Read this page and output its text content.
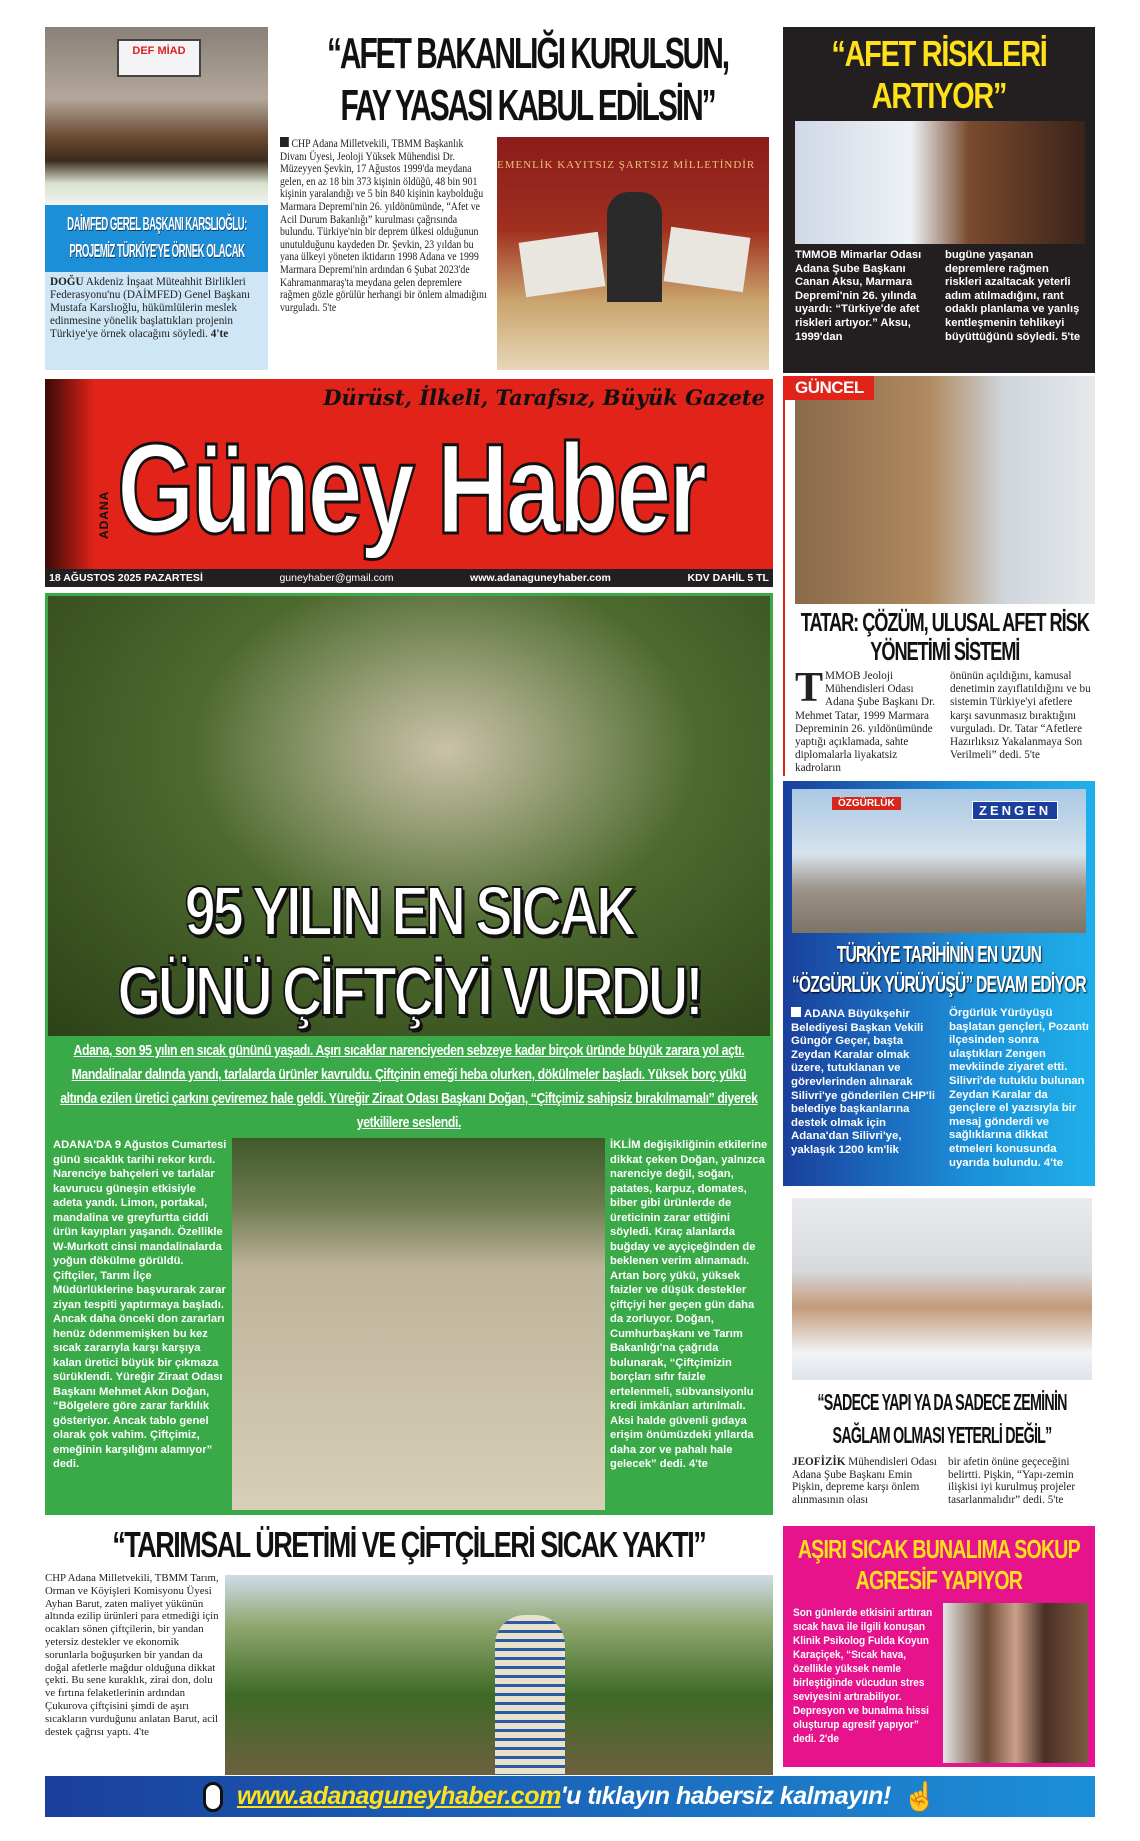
DEF MİAD
DAİMFED GEREL BAŞKANI KARSLIOĞLU: PROJEMİZ TÜRKİYE'YE ÖRNEK OLACAK
DOĞU Akdeniz İnşaat Müteahhit Birlikleri Federasyonu'nu (DAİMFED) Genel Başkanı Mustafa Karslıoğlu, hükümlülerin meslek edinmesine yönelik başlattıkları projenin Türkiye'ye örnek olacağını söyledi. 4'te
“AFET BAKANLIĞI KURULSUN,
FAY YASASI KABUL EDİLSİN”
CHP Adana Milletvekili, TBMM Başkanlık Divanı Üyesi, Jeoloji Yüksek Mühendisi Dr. Müzeyyen Şevkin, 17 Ağustos 1999'da meydana gelen, en az 18 bin 373 kişinin öldüğü, 48 bin 901 kişinin yaralandığı ve 5 bin 840 kişinin kaybolduğu Marmara Depremi'nin 26. yıldönümünde, “Afet ve Acil Durum Bakanlığı” kurulması çağrısında bulundu. Türkiye'nin bir deprem ülkesi olduğunun unutulduğunu kaydeden Dr. Şevkin, 23 yıldan bu yana ülkeyi yöneten iktidarın 1998 Adana ve 1999 Marmara Depremi'nin ardından 6 Şubat 2023'de Kahramanmaraş'ta meydana gelen depremlere rağmen gözle görülür herhangi bir önlem almadığını vurguladı. 5'te
EMENLİK KAYITSIZ ŞARTSIZ MİLLETİNDİR
“AFET RİSKLERİ ARTIYOR”
TMMOB Mimarlar Odası Adana Şube Başkanı Canan Aksu, Marmara Depremi'nin 26. yılında uyardı: “Türkiye'de afet riskleri artıyor.” Aksu, 1999'dan
bugüne yaşanan depremlere rağmen riskleri azaltacak yeterli adım atılmadığını, rant odaklı planlama ve yanlış kentleşmenin tehlikeyi büyüttüğünü söyledi. 5'te
Dürüst, İlkeli, Tarafsız, Büyük Gazete
ADANA Güney Haber
18 AĞUSTOS 2025 PAZARTESİ	guneyhaber@gmail.com	www.adanaguneyhaber.com	KDV DAHİL 5 TL
GÜNCEL
TATAR: ÇÖZÜM, ULUSAL AFET RİSK YÖNETİMİ SİSTEMİ
TMMOB Jeoloji Mühendisleri Odası Adana Şube Başkanı Dr. Mehmet Tatar, 1999 Marmara Depreminin 26. yıldönümünde yaptığı açıklamada, sahte diplomalarla liyakatsiz kadroların
önünün açıldığını, kamusal denetimin zayıflatıldığını ve bu sistemin Türkiye'yi afetlere karşı savunmasız bıraktığını vurguladı. Dr. Tatar “Afetlere Hazırlıksız Yakalanmaya Son Verilmeli” dedi. 5'te
ÖZGÜRLÜK	ZENGEN
TÜRKİYE TARİHİNİN EN UZUN “ÖZGÜRLÜK YÜRÜYÜŞÜ” DEVAM EDİYOR
ADANA Büyükşehir Belediyesi Başkan Vekili Güngör Geçer, başta Zeydan Karalar olmak üzere, tutuklanan ve görevlerinden alınarak Silivri'ye gönderilen CHP'li belediye başkanlarına destek olmak için Adana'dan Silivri'ye, yaklaşık 1200 km'lik
Örgürlük Yürüyüşü başlatan gençleri, Pozantı ilçesinden sonra ulaştıkları Zengen mevkiinde ziyaret etti. Silivri'de tutuklu bulunan Zeydan Karalar da gençlere el yazısıyla bir mesaj gönderdi ve sağlıklarına dikkat etmeleri konusunda uyarıda bulundu. 4'te
95 YILIN EN SICAK
GÜNÜ ÇİFTÇİYİ VURDU!
Adana, son 95 yılın en sıcak gününü yaşadı. Aşırı sıcaklar narenciyeden sebzeye kadar birçok üründe büyük zarara yol açtı. Mandalinalar dalında yandı, tarlalarda ürünler kavruldu. Çiftçinin emeği heba olurken, dökülmeler başladı. Yüksek borç yükü altında ezilen üretici çarkını çeviremez hale geldi. Yüreğir Ziraat Odası Başkanı Doğan, “Çiftçimiz sahipsiz bırakılmamalı” diyerek yetkililere seslendi.
ADANA'DA 9 Ağustos Cumartesi günü sıcaklık tarihi rekor kırdı. Narenciye bahçeleri ve tarlalar kavurucu güneşin etkisiyle adeta yandı. Limon, portakal, mandalina ve greyfurtta ciddi ürün kayıpları yaşandı. Özellikle W-Murkott cinsi mandalinalarda yoğun dökülme görüldü. Çiftçiler, Tarım İlçe Müdürlüklerine başvurarak zarar ziyan tespiti yaptırmaya başladı. Ancak daha önceki don zararları henüz ödenmemişken bu kez sıcak zararıyla karşı karşıya kalan üretici büyük bir çıkmaza sürüklendi. Yüreğir Ziraat Odası Başkanı Mehmet Akın Doğan, “Bölgelere göre zarar farklılık gösteriyor. Ancak tablo genel olarak çok vahim. Çiftçimiz, emeğinin karşılığını alamıyor” dedi.
İKLİM değişikliğinin etkilerine dikkat çeken Doğan, yalnızca narenciye değil, soğan, patates, karpuz, domates, biber gibi ürünlerde de üreticinin zarar ettiğini söyledi. Kıraç alanlarda buğday ve ayçiçeğinden de beklenen verim alınamadı. Artan borç yükü, yüksek faizler ve düşük destekler çiftçiyi her geçen gün daha da zorluyor. Doğan, Cumhurbaşkanı ve Tarım Bakanlığı'na çağrıda bulunarak, “Çiftçimizin borçları sıfır faizle ertelenmeli, sübvansiyonlu kredi imkânları artırılmalı. Aksi halde güvenli gıdaya erişim önümüzdeki yıllarda daha zor ve pahalı hale gelecek” dedi. 4'te
“SADECE YAPI YA DA SADECE ZEMİNİN SAĞLAM OLMASI YETERLİ DEĞİL”
JEOFİZİK Mühendisleri Odası Adana Şube Başkanı Emin Pişkin, depreme karşı önlem alınmasının olası
bir afetin önüne geçeceğini belirtti. Pişkin, “Yapı-zemin ilişkisi iyi kurulmuş projeler tasarlanmalıdır” dedi. 5'te
“TARIMSAL ÜRETİMİ VE ÇİFTÇİLERİ SICAK YAKTI”
CHP Adana Milletvekili, TBMM Tarım, Orman ve Köyişleri Komisyonu Üyesi Ayhan Barut, zaten maliyet yükünün altında ezilip ürünleri para etmediği için ocakları sönen çiftçilerin, bir yandan yetersiz destekler ve ekonomik sorunlarla boğuşurken bir yandan da doğal afetlerle mağdur olduğuna dikkat çekti. Bu sene kuraklık, zirai don, dolu ve fırtına felaketlerinin ardından Çukurova çiftçisini şimdi de aşırı sıcakların vurduğunu anlatan Barut, acil destek çağrısı yaptı. 4'te
AŞIRI SICAK BUNALIMA SOKUP AGRESİF YAPIYOR
Son günlerde etkisini arttıran sıcak hava ile ilgili konuşan Klinik Psikolog Fulda Koyun Karaçiçek, “Sıcak hava, özellikle yüksek nemle birleştiğinde vücudun stres seviyesini artırabiliyor. Depresyon ve bunalma hissi oluşturup agresif yapıyor” dedi. 2'de
www.adanaguneyhaber.com 'u tıklayın habersiz kalmayın! ☝
